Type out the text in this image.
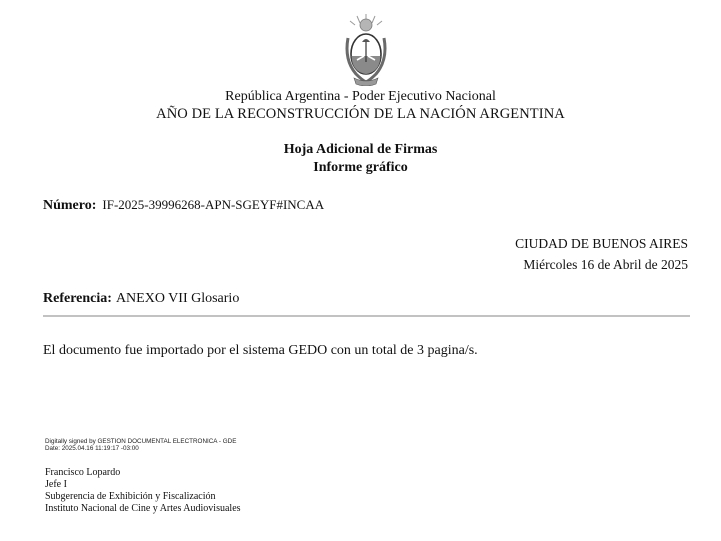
República Argentina - Poder Ejecutivo Nacional
AÑO DE LA RECONSTRUCCIÓN DE LA NACIÓN ARGENTINA
Hoja Adicional de Firmas
Informe gráfico
Número: IF-2025-39996268-APN-SGEYF#INCAA
CIUDAD DE BUENOS AIRES
Miércoles 16 de Abril de 2025
Referencia: ANEXO VII Glosario
El documento fue importado por el sistema GEDO con un total de 3 pagina/s.
Digitally signed by GESTION DOCUMENTAL ELECTRONICA - GDE
Date: 2025.04.16 11:19:17 -03:00
Francisco Lopardo
Jefe I
Subgerencia de Exhibición y Fiscalización
Instituto Nacional de Cine y Artes Audiovisuales
